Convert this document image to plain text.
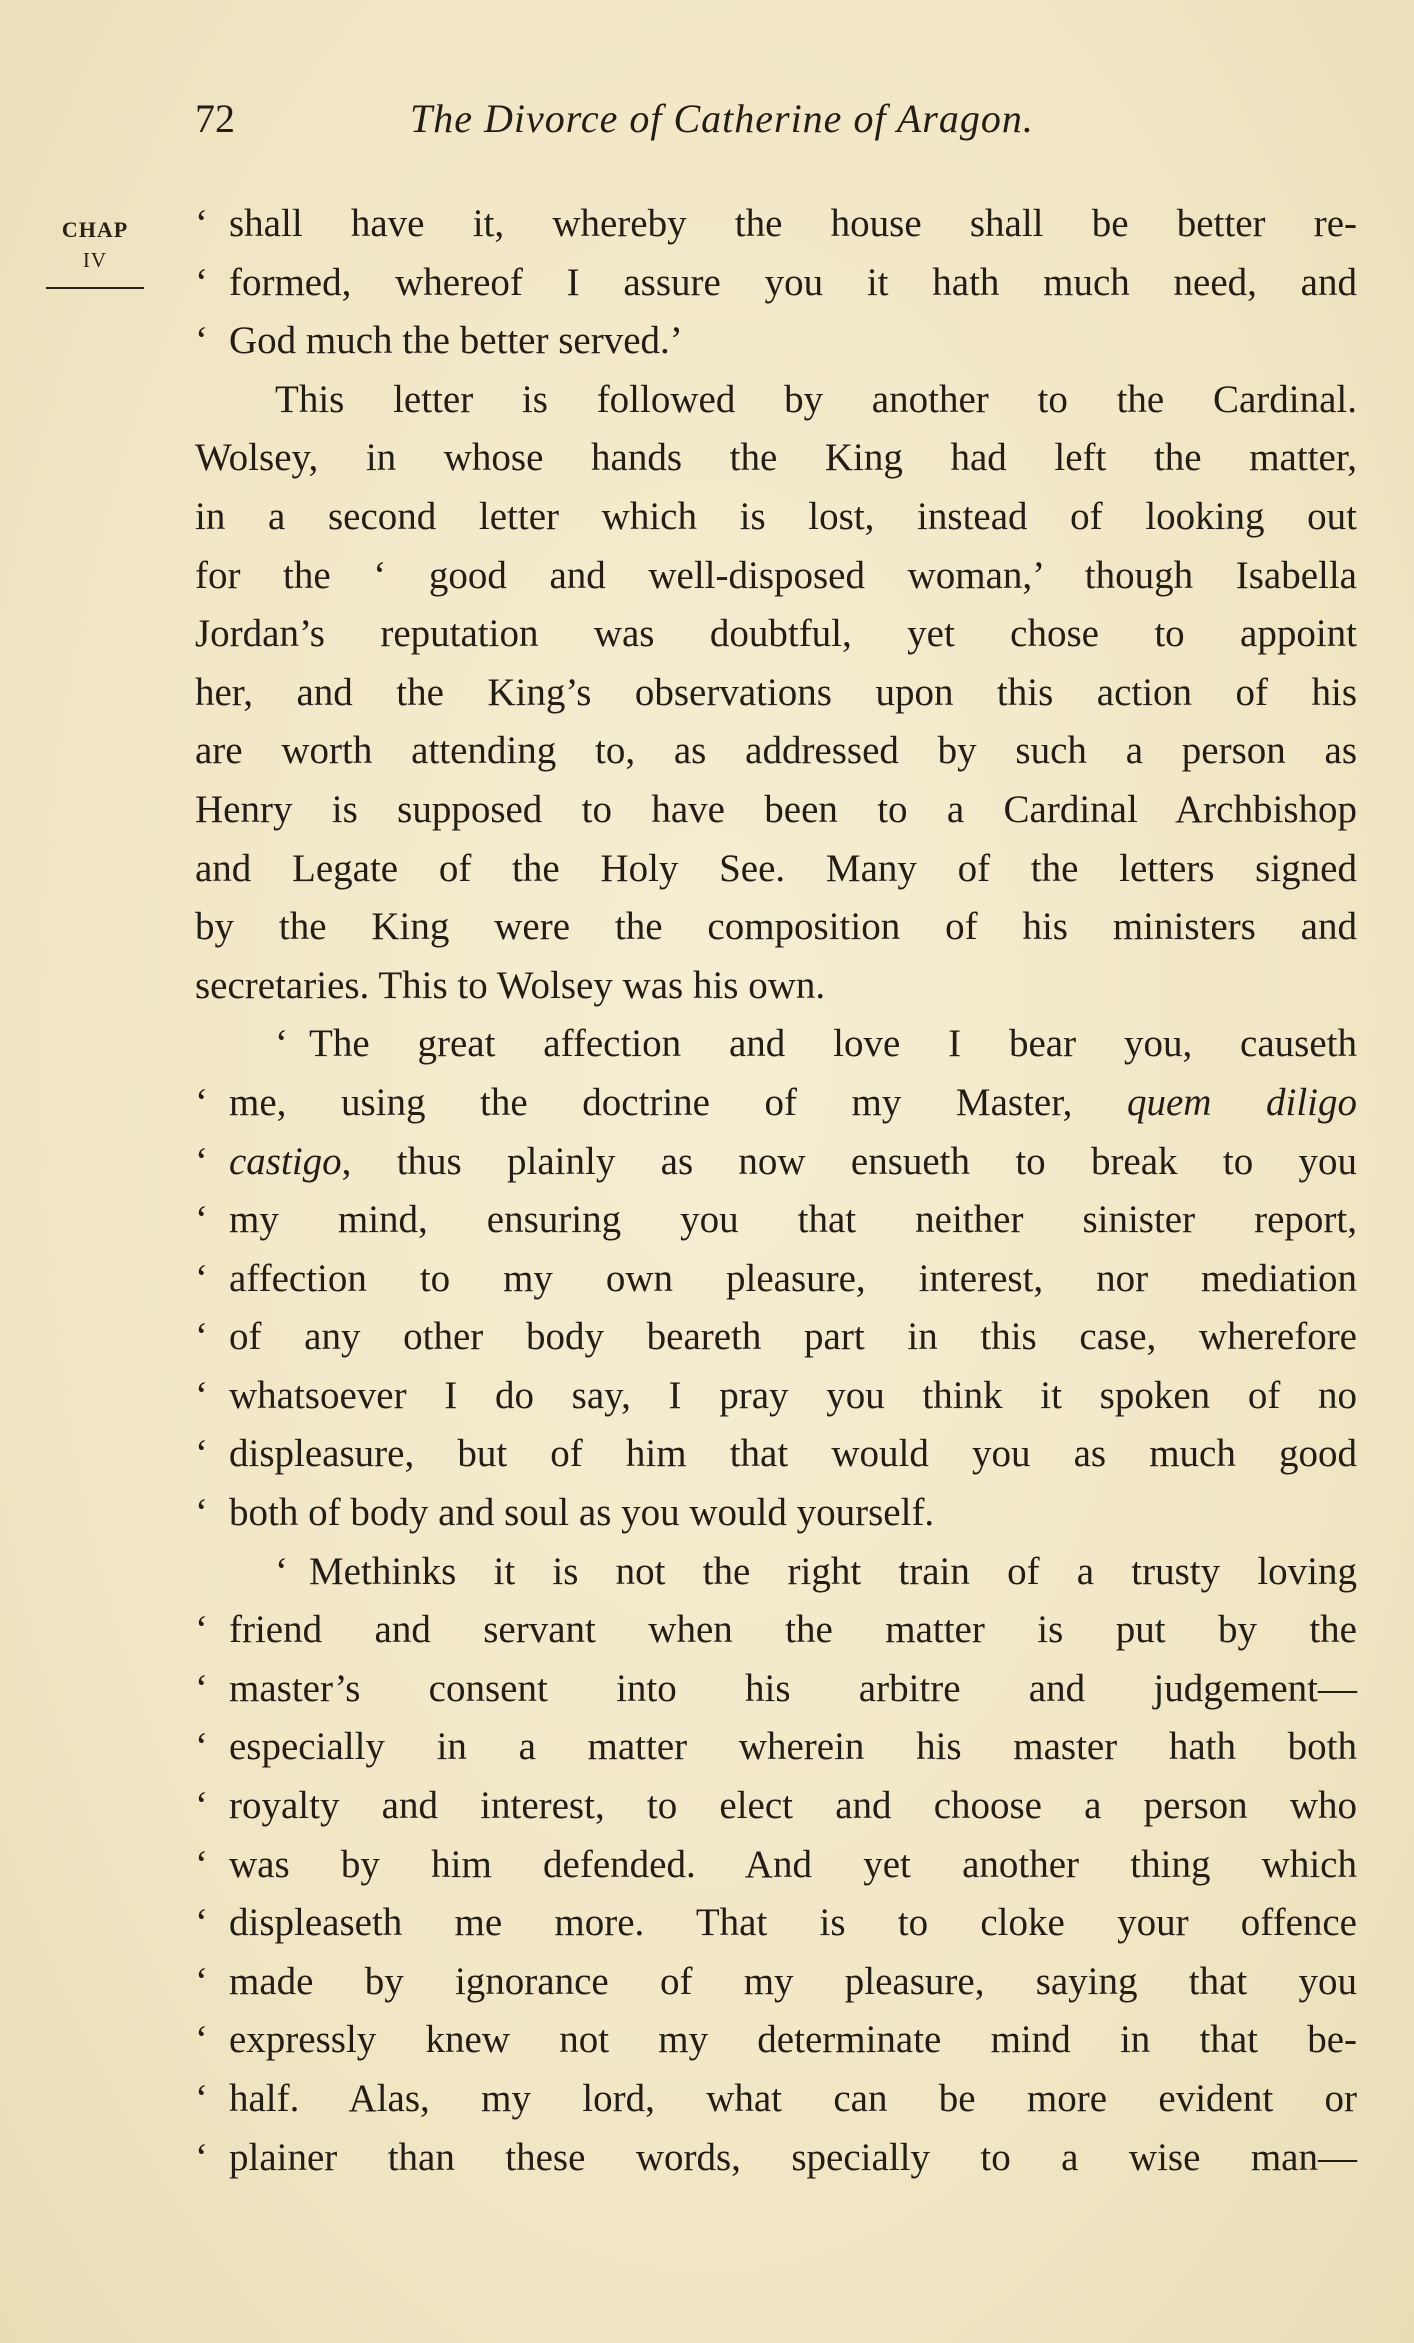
72	The Divorce of Catherine of Aragon.
CHAP
IV
‘ shall have it, whereby the house shall be better re-
‘ formed, whereof I assure you it hath much need, and
‘ God much the better served.’
This letter is followed by another to the Cardinal.
Wolsey, in whose hands the King had left the matter,
in a second letter which is lost, instead of looking out
for the ‘ good and well-disposed woman,’ though Isabella
Jordan’s reputation was doubtful, yet chose to appoint
her, and the King’s observations upon this action of his
are worth attending to, as addressed by such a person as
Henry is supposed to have been to a Cardinal Archbishop
and Legate of the Holy See. Many of the letters signed
by the King were the composition of his ministers and
secretaries. This to Wolsey was his own.
‘ The great affection and love I bear you, causeth
‘ me, using the doctrine of my Master, quem diligo
‘ castigo, thus plainly as now ensueth to break to you
‘ my mind, ensuring you that neither sinister report,
‘ affection to my own pleasure, interest, nor mediation
‘ of any other body beareth part in this case, wherefore
‘ whatsoever I do say, I pray you think it spoken of no
‘ displeasure, but of him that would you as much good
‘ both of body and soul as you would yourself.
‘ Methinks it is not the right train of a trusty loving
‘ friend and servant when the matter is put by the
‘ master’s consent into his arbitre and judgement—
‘ especially in a matter wherein his master hath both
‘ royalty and interest, to elect and choose a person who
‘ was by him defended. And yet another thing which
‘ displeaseth me more. That is to cloke your offence
‘ made by ignorance of my pleasure, saying that you
‘ expressly knew not my determinate mind in that be-
‘ half. Alas, my lord, what can be more evident or
‘ plainer than these words, specially to a wise man—
